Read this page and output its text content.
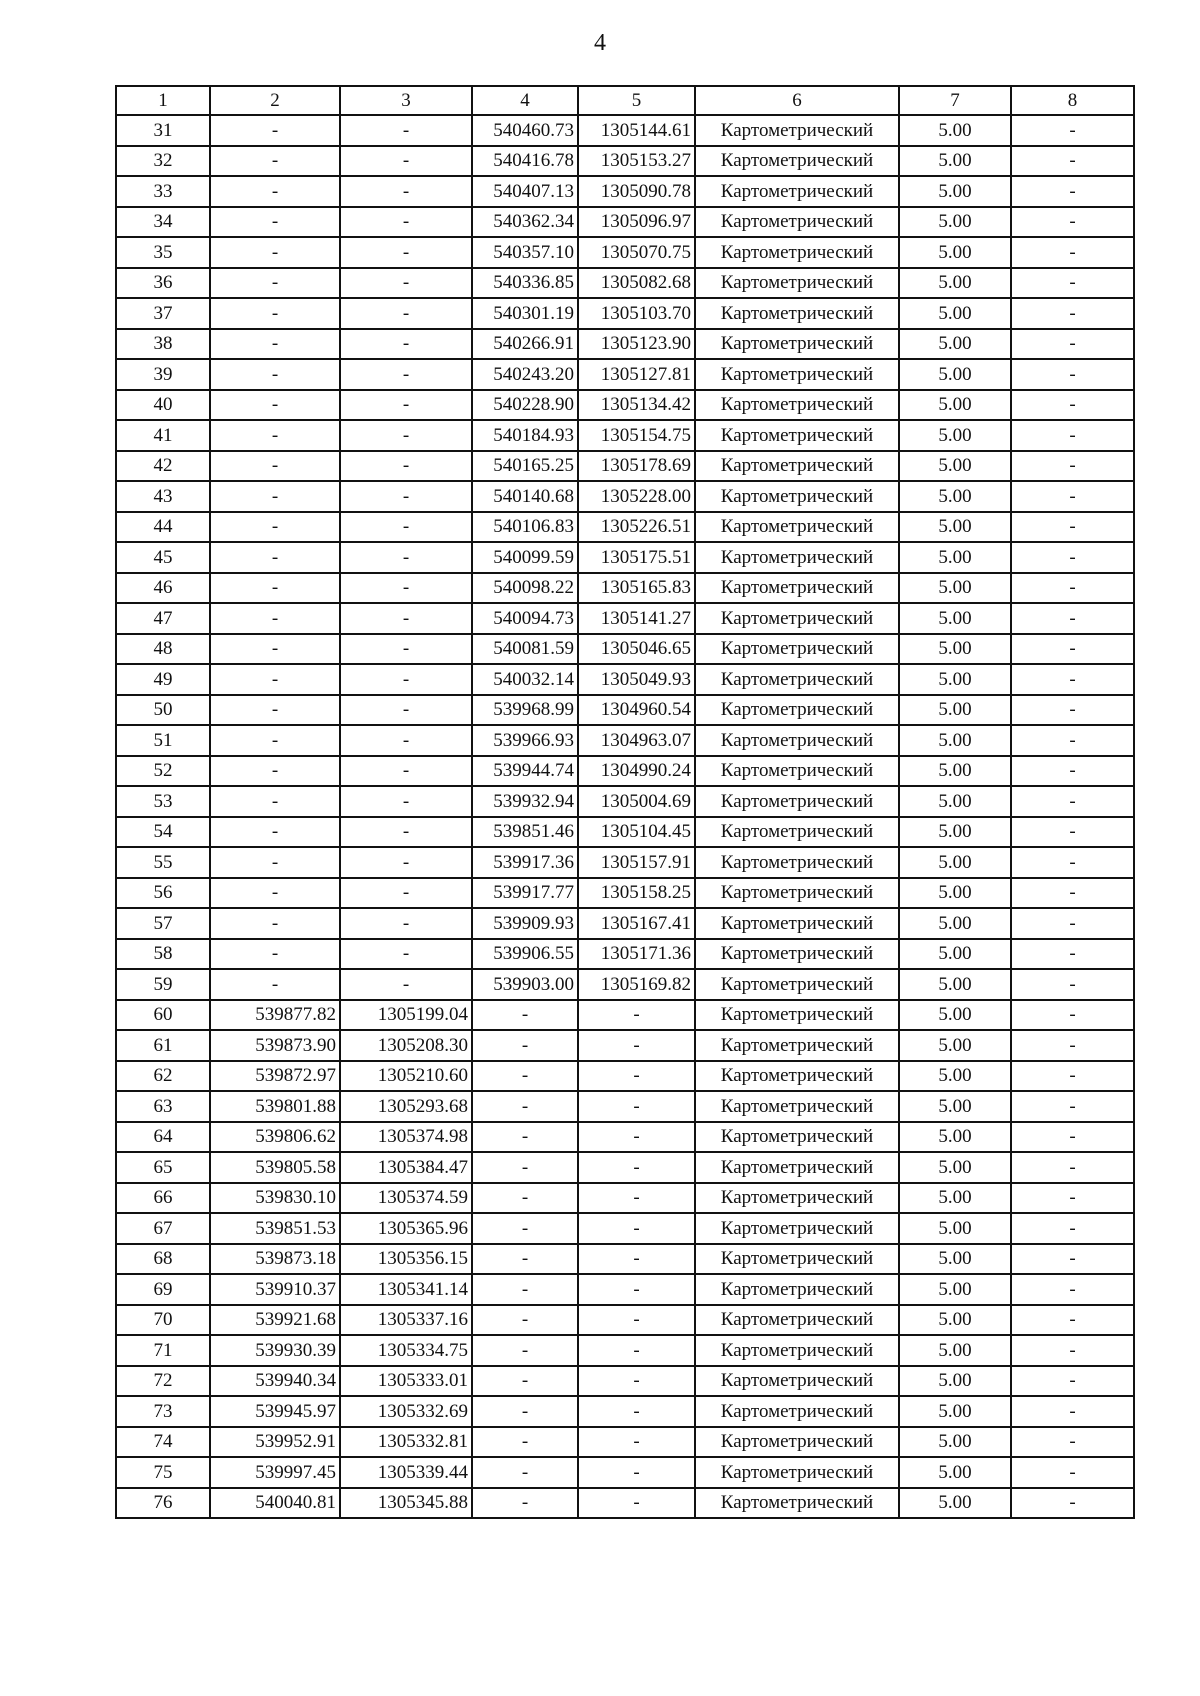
4
1	2	3	4	5	6	7	8
31	-	-	540460.73	1305144.61	Картометрический	5.00	-
32	-	-	540416.78	1305153.27	Картометрический	5.00	-
33	-	-	540407.13	1305090.78	Картометрический	5.00	-
34	-	-	540362.34	1305096.97	Картометрический	5.00	-
35	-	-	540357.10	1305070.75	Картометрический	5.00	-
36	-	-	540336.85	1305082.68	Картометрический	5.00	-
37	-	-	540301.19	1305103.70	Картометрический	5.00	-
38	-	-	540266.91	1305123.90	Картометрический	5.00	-
39	-	-	540243.20	1305127.81	Картометрический	5.00	-
40	-	-	540228.90	1305134.42	Картометрический	5.00	-
41	-	-	540184.93	1305154.75	Картометрический	5.00	-
42	-	-	540165.25	1305178.69	Картометрический	5.00	-
43	-	-	540140.68	1305228.00	Картометрический	5.00	-
44	-	-	540106.83	1305226.51	Картометрический	5.00	-
45	-	-	540099.59	1305175.51	Картометрический	5.00	-
46	-	-	540098.22	1305165.83	Картометрический	5.00	-
47	-	-	540094.73	1305141.27	Картометрический	5.00	-
48	-	-	540081.59	1305046.65	Картометрический	5.00	-
49	-	-	540032.14	1305049.93	Картометрический	5.00	-
50	-	-	539968.99	1304960.54	Картометрический	5.00	-
51	-	-	539966.93	1304963.07	Картометрический	5.00	-
52	-	-	539944.74	1304990.24	Картометрический	5.00	-
53	-	-	539932.94	1305004.69	Картометрический	5.00	-
54	-	-	539851.46	1305104.45	Картометрический	5.00	-
55	-	-	539917.36	1305157.91	Картометрический	5.00	-
56	-	-	539917.77	1305158.25	Картометрический	5.00	-
57	-	-	539909.93	1305167.41	Картометрический	5.00	-
58	-	-	539906.55	1305171.36	Картометрический	5.00	-
59	-	-	539903.00	1305169.82	Картометрический	5.00	-
60	539877.82	1305199.04	-	-	Картометрический	5.00	-
61	539873.90	1305208.30	-	-	Картометрический	5.00	-
62	539872.97	1305210.60	-	-	Картометрический	5.00	-
63	539801.88	1305293.68	-	-	Картометрический	5.00	-
64	539806.62	1305374.98	-	-	Картометрический	5.00	-
65	539805.58	1305384.47	-	-	Картометрический	5.00	-
66	539830.10	1305374.59	-	-	Картометрический	5.00	-
67	539851.53	1305365.96	-	-	Картометрический	5.00	-
68	539873.18	1305356.15	-	-	Картометрический	5.00	-
69	539910.37	1305341.14	-	-	Картометрический	5.00	-
70	539921.68	1305337.16	-	-	Картометрический	5.00	-
71	539930.39	1305334.75	-	-	Картометрический	5.00	-
72	539940.34	1305333.01	-	-	Картометрический	5.00	-
73	539945.97	1305332.69	-	-	Картометрический	5.00	-
74	539952.91	1305332.81	-	-	Картометрический	5.00	-
75	539997.45	1305339.44	-	-	Картометрический	5.00	-
76	540040.81	1305345.88	-	-	Картометрический	5.00	-
